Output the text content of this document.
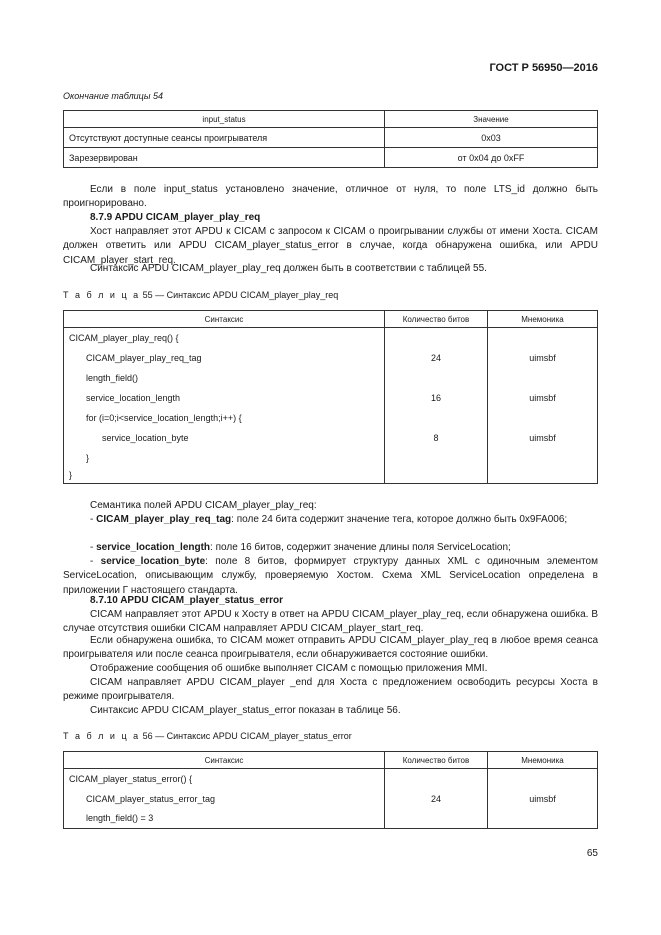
ГОСТ Р 56950—2016
Окончание таблицы 54
input_status	Значение
Отсутствуют доступные сеансы проигрывателя	0x03
Зарезервирован	от 0x04 до 0xFF
Если в поле input_status установлено значение, отличное от нуля, то поле LTS_id должно быть проигнорировано.
8.7.9 APDU CICAM_player_play_req
Хост направляет этот APDU к CICAM с запросом к CICAM о проигрывании службы от имени Хоста. CICAM должен ответить или APDU CICAM_player_status_error в случае, когда обнаружена ошибка, или APDU CICAM_player_start_req.
Синтаксис APDU CICAM_player_play_req должен быть в соответствии с таблицей 55.
Т а б л и ц а 55 — Синтаксис APDU CICAM_player_play_req
Синтаксис	Количество битов	Мнемоника
CICAM_player_play_req() {		
CICAM_player_play_req_tag	24	uimsbf
length_field()		
service_location_length	16	uimsbf
for (i=0;i<service_location_length;i++) {		
service_location_byte	8	uimsbf
}		
}		
Семантика полей APDU CICAM_player_play_req:
- CICAM_player_play_req_tag: поле 24 бита содержит значение тега, которое должно быть 0x9FA006;
- service_location_length: поле 16 битов, содержит значение длины поля ServiceLocation;
- service_location_byte: поле 8 битов, формирует структуру данных XML с одиночным элементом ServiceLocation, описывающим службу, проверяемую Хостом. Схема XML ServiceLocation определена в приложении Г настоящего стандарта.
8.7.10 APDU CICAM_player_status_error
CICAM направляет этот APDU к Хосту в ответ на APDU CICAM_player_play_req, если обнаружена ошибка. В случае отсутствия ошибки CICAM направляет APDU CICAM_player_start_req.
Если обнаружена ошибка, то CICAM может отправить APDU CICAM_player_play_req в любое время сеанса проигрывателя или после сеанса проигрывателя, если обнаруживается состояние ошибки.
Отображение сообщения об ошибке выполняет CICAM с помощью приложения MMI.
CICAM направляет APDU CICAM_player _end для Хоста с предложением освободить ресурсы Хоста в режиме проигрывателя.
Синтаксис APDU CICAM_player_status_error показан в таблице 56.
Т а б л и ц а 56 — Синтаксис APDU CICAM_player_status_error
Синтаксис	Количество битов	Мнемоника
CICAM_player_status_error() {		
CICAM_player_status_error_tag	24	uimsbf
length_field() = 3		
65
